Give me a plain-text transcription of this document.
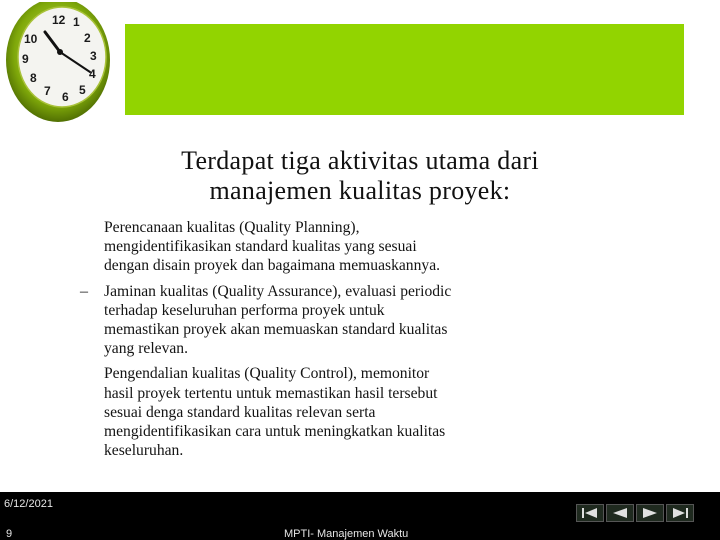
12 1
2
3
4
5
6
7
8
9
10
Terdapat tiga aktivitas utama dari
manajemen kualitas proyek:
–
Perencanaan kualitas (Quality Planning),
mengidentifikasikan standard kualitas yang sesuai
dengan disain proyek dan bagaimana memuaskannya.
Jaminan kualitas (Quality Assurance), evaluasi periodic
terhadap keseluruhan performa proyek untuk
memastikan proyek akan memuaskan standard kualitas
yang relevan.
Pengendalian kualitas (Quality Control), memonitor
hasil proyek tertentu untuk memastikan hasil tersebut
sesuai denga standard kualitas relevan serta
mengidentifikasikan cara untuk meningkatkan kualitas
keseluruhan.
6/12/2021
9	MPTI- Manajemen Waktu
